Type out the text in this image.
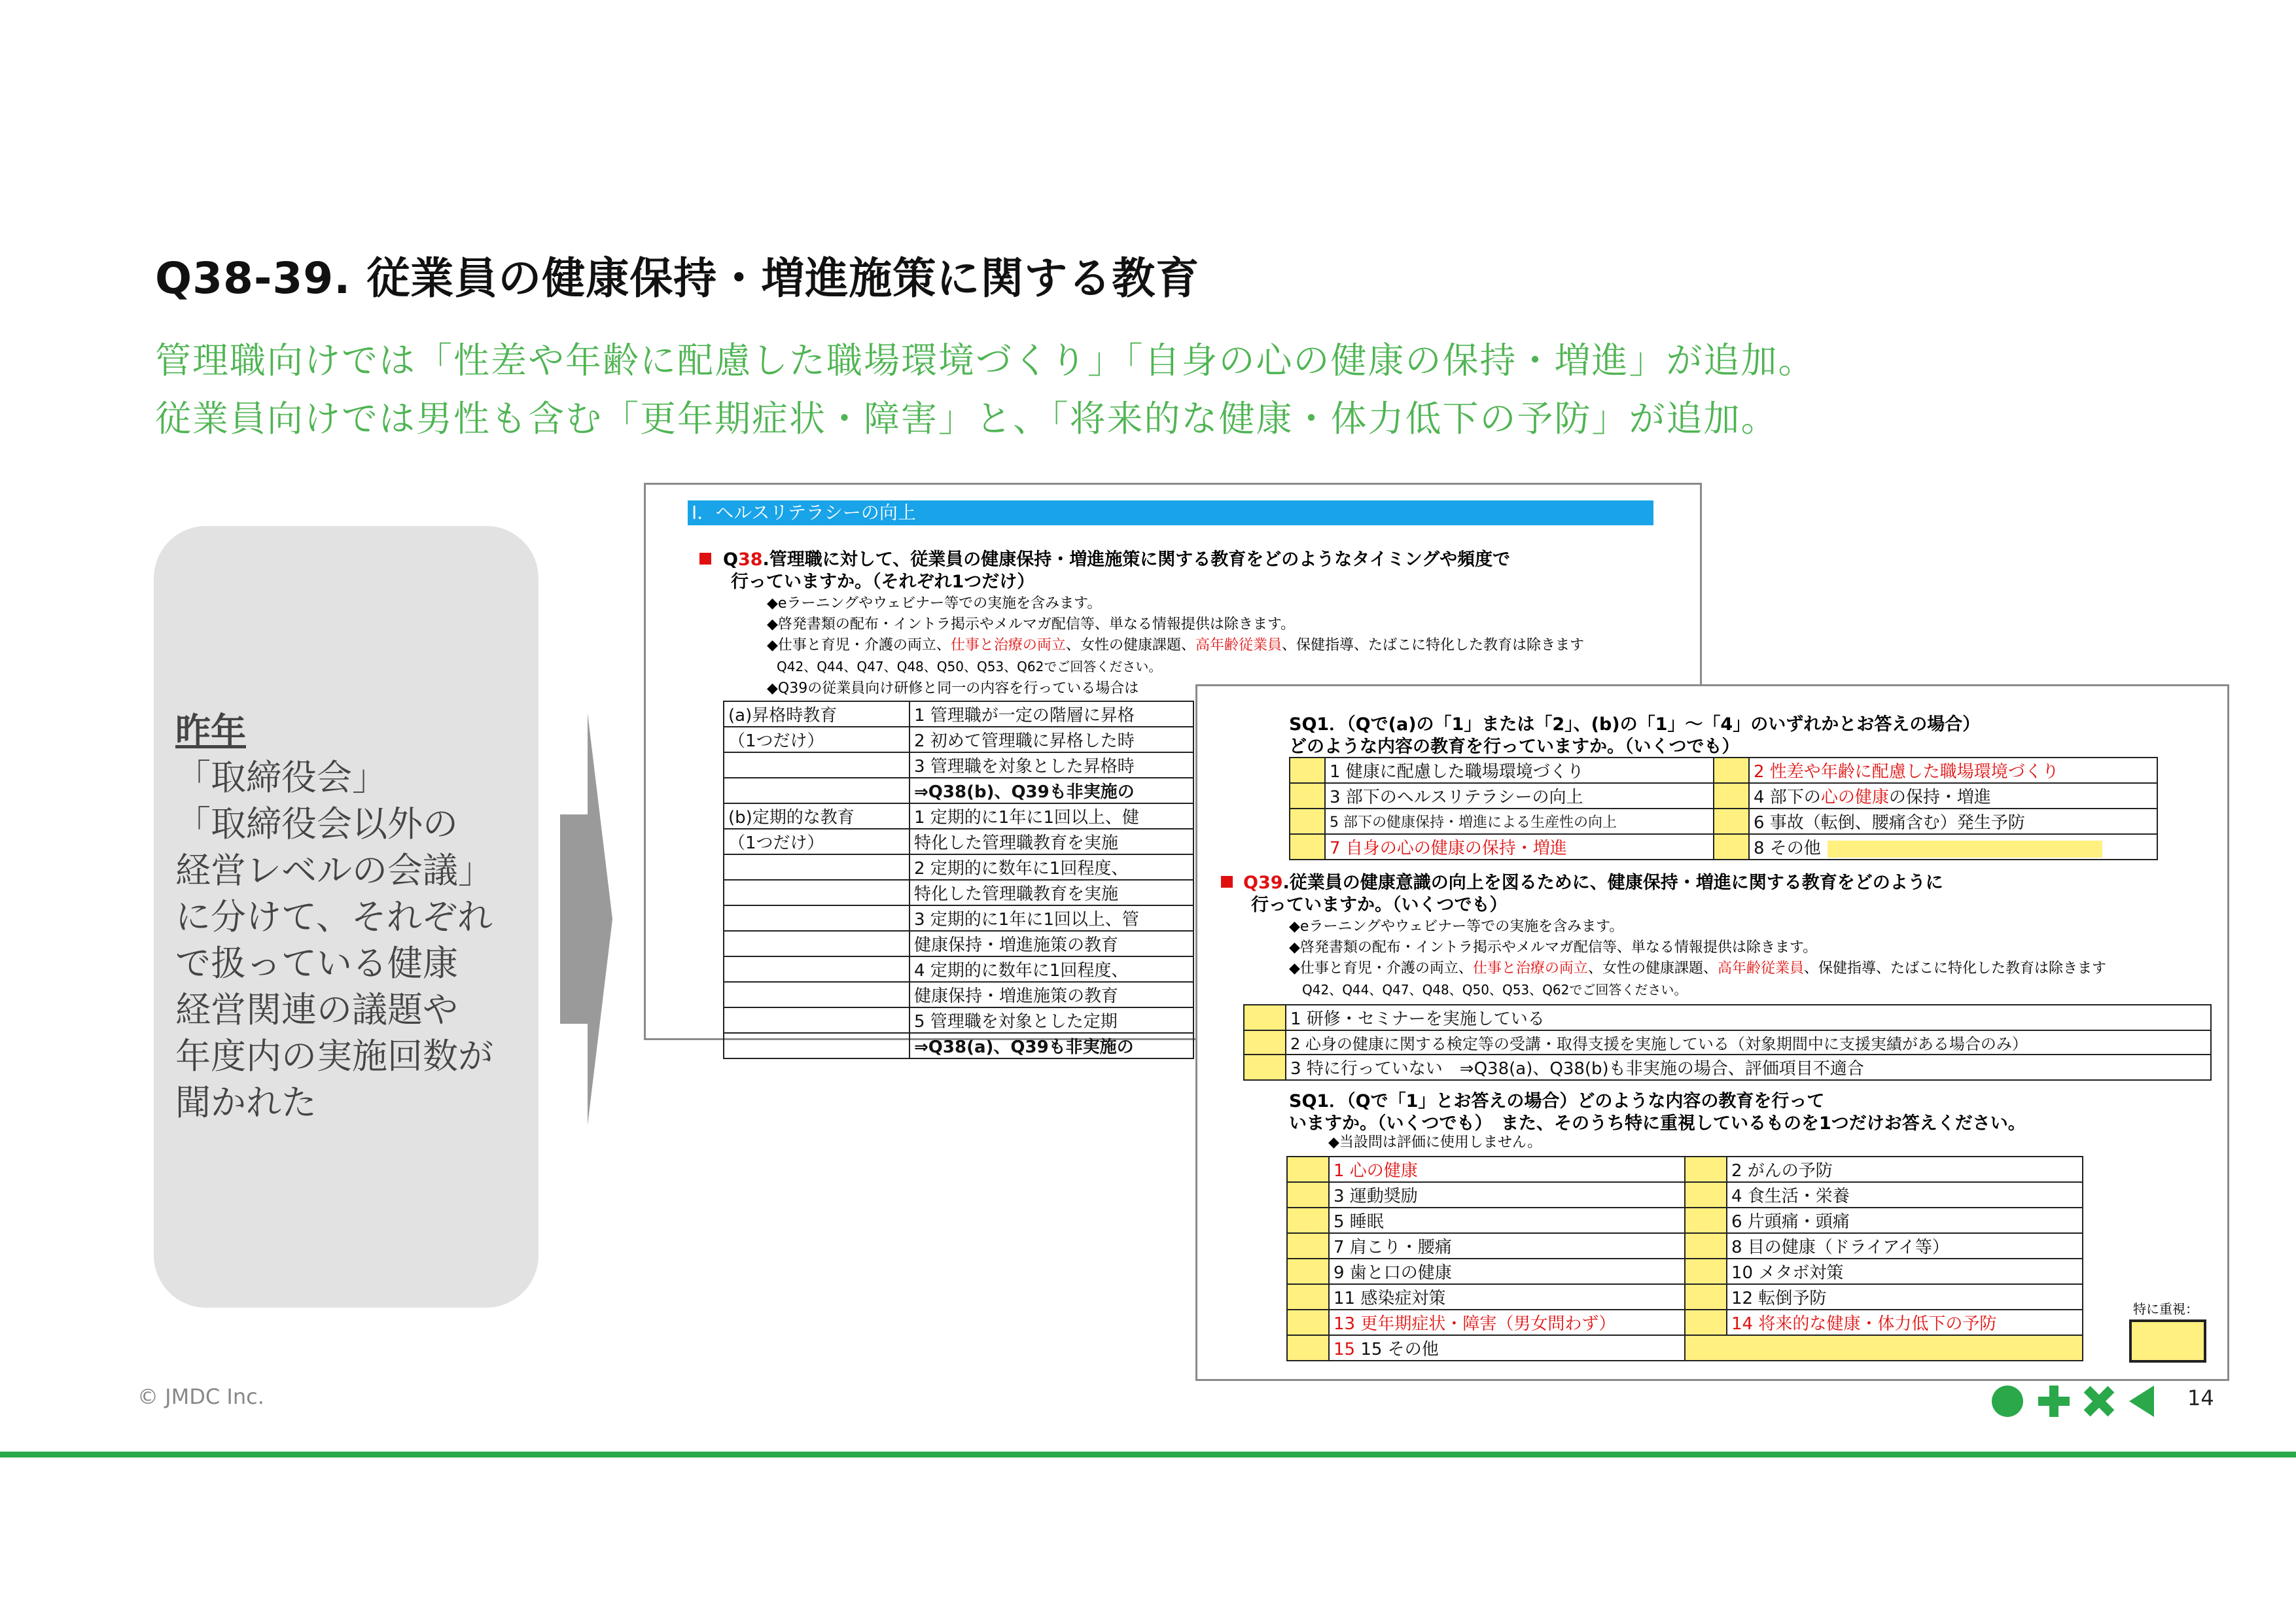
Q38-39. 従業員の健康保持・増進施策に関する教育
管理職向けでは「性差や年齢に配慮した職場環境づくり」「自身の心の健康の保持・増進」が追加。
従業員向けでは男性も含む「更年期症状・障害」と、「将来的な健康・体力低下の予防」が追加。
昨年
「取締役会」
「取締役会以外の
経営レベルの会議」
に分けて、それぞれ
で扱っている健康
経営関連の議題や
年度内の実施回数が
聞かれた
I．ヘルスリテラシーの向上
Q38.管理職に対して、従業員の健康保持・増進施策に関する教育をどのようなタイミングや頻度で
行っていますか。（それぞれ1つだけ）
◆eラーニングやウェビナー等での実施を含みます。
◆啓発書類の配布・イントラ掲示やメルマガ配信等、単なる情報提供は除きます。
◆仕事と育児・介護の両立、仕事と治療の両立、女性の健康課題、高年齢従業員、保健指導、たばこに特化した教育は除きます
Q42、Q44、Q47、Q48、Q50、Q53、Q62でご回答ください。
◆Q39の従業員向け研修と同一の内容を行っている場合は
(a)昇格時教育	1 管理職が一定の階層に昇格
（1つだけ）	2 初めて管理職に昇格した時
	3 管理職を対象とした昇格時
	⇒Q38(b)、Q39も非実施の
(b)定期的な教育	1 定期的に1年に1回以上、健
（1つだけ）	特化した管理職教育を実施
	2 定期的に数年に1回程度、
	特化した管理職教育を実施
	3 定期的に1年に1回以上、管
	健康保持・増進施策の教育
	4 定期的に数年に1回程度、
	健康保持・増進施策の教育
	5 管理職を対象とした定期
	⇒Q38(a)、Q39も非実施の
SQ1．（Qで(a)の「1」または「2」、(b)の「1」～「4」のいずれかとお答えの場合）
どのような内容の教育を行っていますか。（いくつでも）
	1 健康に配慮した職場環境づくり		2 性差や年齢に配慮した職場環境づくり
	3 部下のヘルスリテラシーの向上		4 部下の心の健康の保持・増進
	5 部下の健康保持・増進による生産性の向上		6 事故（転倒、腰痛含む）発生予防
	7 自身の心の健康の保持・増進		8 その他
Q39.従業員の健康意識の向上を図るために、健康保持・増進に関する教育をどのように
行っていますか。（いくつでも）
◆eラーニングやウェビナー等での実施を含みます。
◆啓発書類の配布・イントラ掲示やメルマガ配信等、単なる情報提供は除きます。
◆仕事と育児・介護の両立、仕事と治療の両立、女性の健康課題、高年齢従業員、保健指導、たばこに特化した教育は除きます
Q42、Q44、Q47、Q48、Q50、Q53、Q62でご回答ください。
	1 研修・セミナーを実施している
	2 心身の健康に関する検定等の受講・取得支援を実施している（対象期間中に支援実績がある場合のみ）
	3 特に行っていない　⇒Q38(a)、Q38(b)も非実施の場合、評価項目不適合
SQ1．（Qで「1」とお答えの場合）どのような内容の教育を行って
いますか。（いくつでも）　また、そのうち特に重視しているものを1つだけお答えください。
◆当設問は評価に使用しません。
	1 心の健康		2 がんの予防
	3 運動奨励		4 食生活・栄養
	5 睡眠		6 片頭痛・頭痛
	7 肩こり・腰痛		8 目の健康（ドライアイ等）
	9 歯と口の健康		10 メタボ対策
	11 感染症対策		12 転倒予防
	13 更年期症状・障害（男女問わず）		14 将来的な健康・体力低下の予防
	15 15 その他		
特に重視：
© JMDC Inc.	14
